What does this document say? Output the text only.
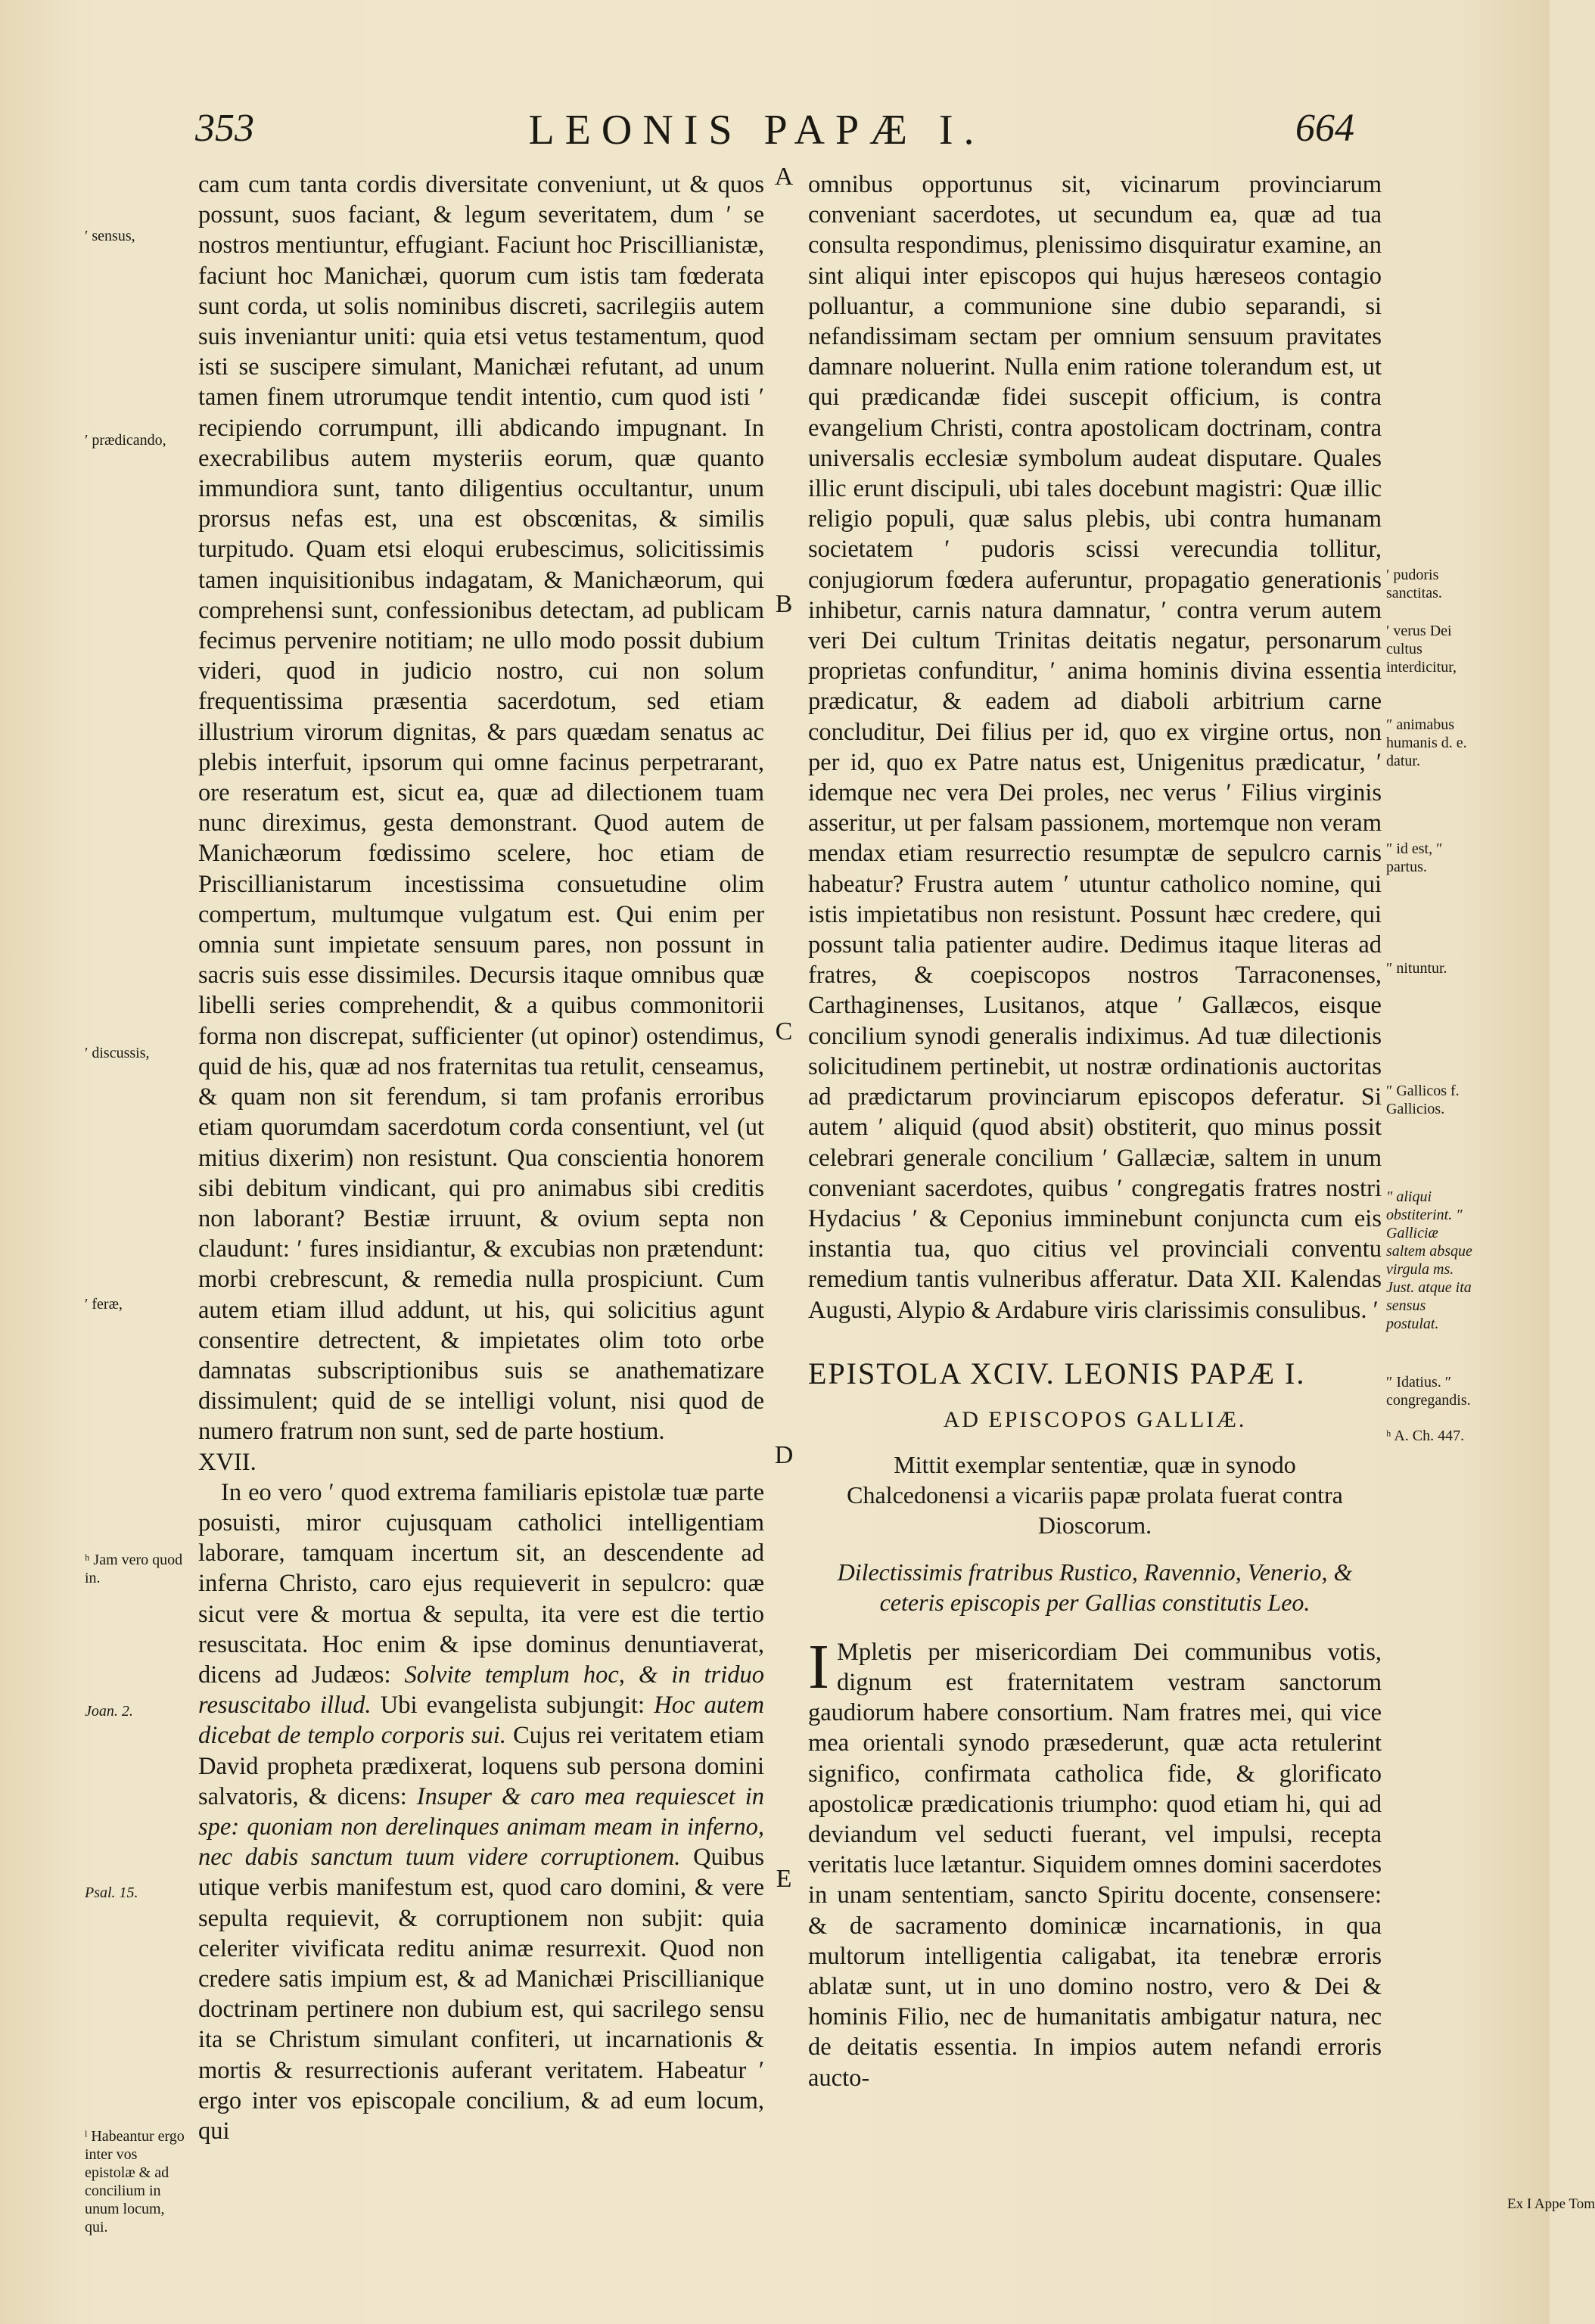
353	LEONIS PAPÆ I.	664
′ sensus,
′ prædicando,
′ discussis,
′ feræ,
ʰ Jam vero quod in.
Joan. 2.
Psal. 15.
ˡ Habeantur ergo inter vos epistolæ & ad concilium in unum locum, qui.
A
B
C
D
E

cam cum tanta cordis diversitate conveniunt, ut & quos possunt, suos faciant, & legum severitatem, dum ′ se nostros mentiuntur, effugiant. Faciunt hoc Priscillianistæ, faciunt hoc Manichæi, quorum cum istis tam fœderata sunt corda, ut solis nominibus discreti, sacrilegiis autem suis inveniantur uniti: quia etsi vetus testamentum, quod isti se suscipere simulant, Manichæi refutant, ad unum tamen finem utrorumque tendit intentio, cum quod isti ′ recipiendo corrumpunt, illi abdicando impugnant. In execrabilibus autem mysteriis eorum, quæ quanto immundiora sunt, tanto diligentius occultantur, unum prorsus nefas est, una est obscœnitas, & similis turpitudo. Quam etsi eloqui erubescimus, solicitissimis tamen inquisitionibus indagatam, & Manichæorum, qui comprehensi sunt, confessionibus detectam, ad publicam fecimus pervenire notitiam; ne ullo modo possit dubium videri, quod in judicio nostro, cui non solum frequentissima præsentia sacerdotum, sed etiam illustrium virorum dignitas, & pars quædam senatus ac plebis interfuit, ipsorum qui omne facinus perpetrarant, ore reseratum est, sicut ea, quæ ad dilectionem tuam nunc direximus, gesta demonstrant. Quod autem de Manichæorum fœdissimo scelere, hoc etiam de Priscillianistarum incestissima consuetudine olim compertum, multumque vulgatum est. Qui enim per omnia sunt impietate sensuum pares, non possunt in sacris suis esse dissimiles. Decursis itaque omnibus quæ libelli series comprehendit, & a quibus commonitorii forma non discrepat, sufficienter (ut opinor) ostendimus, quid de his, quæ ad nos fraternitas tua retulit, censeamus, & quam non sit ferendum, si tam profanis erroribus etiam quorumdam sacerdotum corda consentiunt, vel (ut mitius dixerim) non resistunt. Qua conscientia honorem sibi debitum vindicant, qui pro animabus sibi creditis non laborant? Bestiæ irruunt, & ovium septa non claudunt: ′ fures insidiantur, & excubias non prætendunt: morbi crebrescunt, & remedia nulla prospiciunt. Cum autem etiam illud addunt, ut his, qui solicitius agunt consentire detrectent, & impietates olim toto orbe damnatas subscriptionibus suis se anathematizare dissimulent; quid de se intelligi volunt, nisi quod de numero fratrum non sunt, sed de parte hostium.

XVII.

In eo vero ′ quod extrema familiaris epistolæ tuæ parte posuisti, miror cujusquam catholici intelligentiam laborare, tamquam incertum sit, an descendente ad inferna Christo, caro ejus requieverit in sepulcro: quæ sicut vere & mortua & sepulta, ita vere est die tertio resuscitata. Hoc enim & ipse dominus denuntiaverat, dicens ad Judæos: Solvite templum hoc, & in triduo resuscitabo illud. Ubi evangelista subjungit: Hoc autem dicebat de templo corporis sui. Cujus rei veritatem etiam David propheta prædixerat, loquens sub persona domini salvatoris, & dicens: Insuper & caro mea requiescet in spe: quoniam non derelinques animam meam in inferno, nec dabis sanctum tuum videre corruptionem. Quibus utique verbis manifestum est, quod caro domini, & vere sepulta requievit, & corruptionem non subjit: quia celeriter vivificata reditu animæ resurrexit. Quod non credere satis impium est, & ad Manichæi Priscillianique doctrinam pertinere non dubium est, qui sacrilego sensu ita se Christum simulant confiteri, ut incarnationis & mortis & resurrectionis auferant veritatem. Habeatur ′ ergo inter vos episcopale concilium, & ad eum locum, qui

omnibus opportunus sit, vicinarum provinciarum conveniant sacerdotes, ut secundum ea, quæ ad tua consulta respondimus, plenissimo disquiratur examine, an sint aliqui inter episcopos qui hujus hæreseos contagio polluantur, a communione sine dubio separandi, si nefandissimam sectam per omnium sensuum pravitates damnare noluerint. Nulla enim ratione tolerandum est, ut qui prædicandæ fidei suscepit officium, is contra evangelium Christi, contra apostolicam doctrinam, contra universalis ecclesiæ symbolum audeat disputare. Quales illic erunt discipuli, ubi tales docebunt magistri: Quæ illic religio populi, quæ salus plebis, ubi contra humanam societatem ′ pudoris scissi verecundia tollitur, conjugiorum fœdera auferuntur, propagatio generationis inhibetur, carnis natura damnatur, ′ contra verum autem veri Dei cultum Trinitas deitatis negatur, personarum proprietas confunditur, ′ anima hominis divina essentia prædicatur, & eadem ad diaboli arbitrium carne concluditur, Dei filius per id, quo ex virgine ortus, non per id, quo ex Patre natus est, Unigenitus prædicatur, ′ idemque nec vera Dei proles, nec verus ′ Filius virginis asseritur, ut per falsam passionem, mortemque non veram mendax etiam resurrectio resumptæ de sepulcro carnis habeatur? Frustra autem ′ utuntur catholico nomine, qui istis impietatibus non resistunt. Possunt hæc credere, qui possunt talia patienter audire. Dedimus itaque literas ad fratres, & coepiscopos nostros Tarraconenses, Carthaginenses, Lusitanos, atque ′ Gallæcos, eisque concilium synodi generalis indiximus. Ad tuæ dilectionis solicitudinem pertinebit, ut nostræ ordinationis auctoritas ad prædictarum provinciarum episcopos deferatur. Si autem ′ aliquid (quod absit) obstiterit, quo minus possit celebrari generale concilium ′ Gallæciæ, saltem in unum conveniant sacerdotes, quibus ′ congregatis fratres nostri Hydacius ′ & Ceponius imminebunt conjuncta cum eis instantia tua, quo citius vel provinciali conventu remedium tantis vulneribus afferatur. Data XII. Kalendas Augusti, Alypio & Ardabure viris clarissimis consulibus. ′

EPISTOLA XCIV. LEONIS PAPÆ I.
AD EPISCOPOS GALLIÆ.
Mittit exemplar sententiæ, quæ in synodo Chalcedonensi a vicariis papæ prolata fuerat contra Dioscorum.
Dilectissimis fratribus Rustico, Ravennio, Venerio, & ceteris episcopis per Gallias constitutis Leo.

I Mpletis per misericordiam Dei communibus votis, dignum est fraternitatem vestram sanctorum gaudiorum habere consortium. Nam fratres mei, qui vice mea orientali synodo præsederunt, quæ acta retulerint significo, confirmata catholica fide, & glorificato apostolicæ prædicationis triumpho: quod etiam hi, qui ad deviandum vel seducti fuerant, vel impulsi, recepta veritatis luce lætantur. Siquidem omnes domini sacerdotes in unam sententiam, sancto Spiritu docente, consensere: & de sacramento dominicæ incarnationis, in qua multorum intelligentia caligabat, ita tenebræ erroris ablatæ sunt, ut in uno domino nostro, vero & Dei & hominis Filio, nec de humanitatis ambigatur natura, nec de deitatis essentia. In impios autem nefandi erroris aucto-

′ pudoris sanctitas.
′ verus Dei cultus interdicitur,
″ animabus humanis d. e. datur.
″ id est, ″ partus.
″ nituntur.
″ Gallicos f. Gallicios.
″ aliqui obstiterint. ″ Galliciæ saltem absque virgula ms. Just. atque ita sensus postulat.
″ Idatius. ″ congregandis.
ʰ A. Ch. 447.
Ex I Appe Tom
